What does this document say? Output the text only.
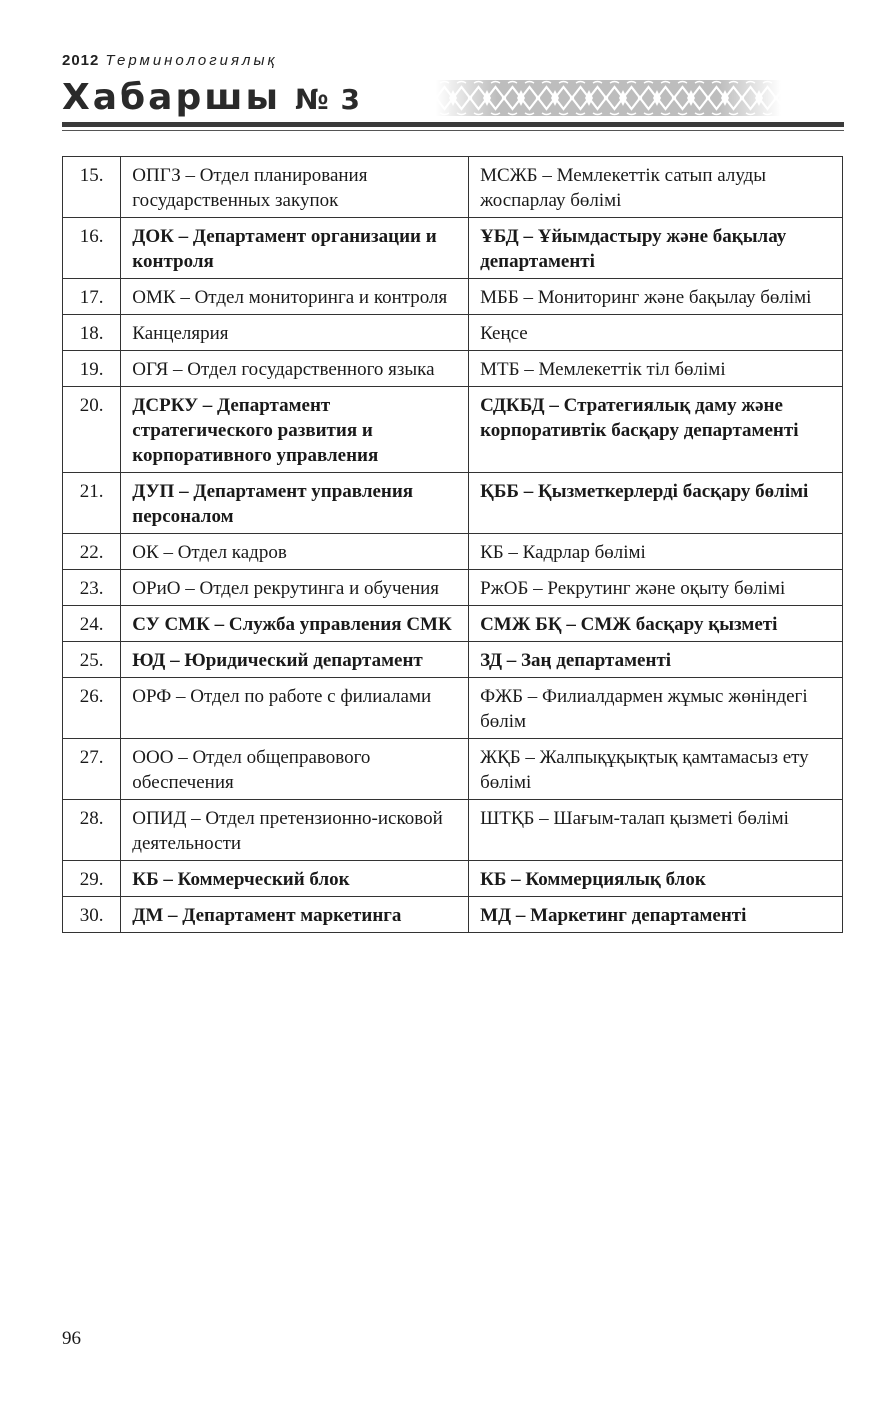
2012 Терминологиялық
Хабаршы № 3
15.	ОПГЗ – Отдел планирования государственных закупок	МСЖБ – Мемлекеттік сатып алуды жоспарлау бөлімі
16.	ДОК – Департамент организации и контроля	ҰБД – Ұйымдастыру және бақылау департаменті
17.	ОМК – Отдел мониторинга и контроля	МББ – Мониторинг және бақылау бөлімі
18.	Канцелярия	Кеңсе
19.	ОГЯ – Отдел государственного языка	МТБ – Мемлекеттік тіл бөлімі
20.	ДСРКУ – Департамент стратегического развития и корпоративного управления	СДКБД – Стратегиялық даму және корпоративтік басқару департаменті
21.	ДУП – Департамент управления персоналом	ҚББ – Қызметкерлерді басқару бөлімі
22.	ОК – Отдел кадров	КБ – Кадрлар бөлімі
23.	ОРиО – Отдел рекрутинга и обучения	РжОБ – Рекрутинг және оқыту бөлімі
24.	СУ СМК – Служба управления СМК	СМЖ БҚ – СМЖ басқару қызметі
25.	ЮД – Юридический департамент	ЗД – Заң департаменті
26.	ОРФ – Отдел по работе с филиалами	ФЖБ – Филиалдармен жұмыс жөніндегі бөлім
27.	ООО – Отдел общеправового обеспечения	ЖҚБ – Жалпықұқықтық қамтамасыз ету бөлімі
28.	ОПИД – Отдел претензионно-исковой деятельности	ШТҚБ – Шағым-талап қызметі бөлімі
29.	КБ – Коммерческий блок	КБ – Коммерциялық блок
30.	ДМ – Департамент маркетинга	МД – Маркетинг департаменті
96
